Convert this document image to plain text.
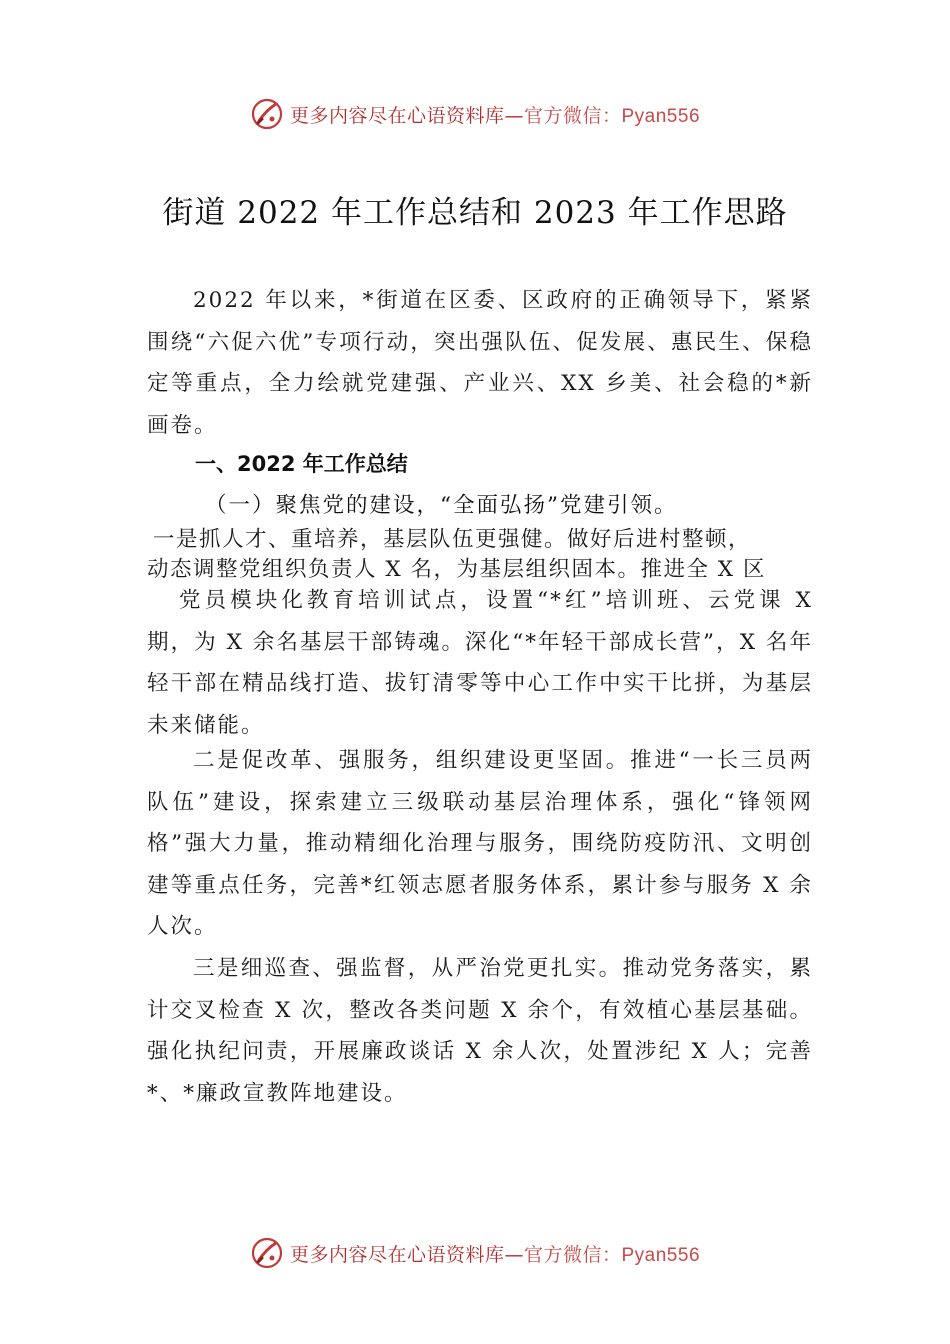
更多内容尽在心语资料库—官方微信：Pyan556
街道 2022 年工作总结和 2023 年工作思路

2022 年以来，*街道在区委、区政府的正确领导下，紧紧围绕“六促六优”专项行动，突出强队伍、促发展、惠民生、保稳定等重点，全力绘就党建强、产业兴、XX 乡美、社会稳的*新画卷。

一、2022 年工作总结
（一）聚焦党的建设，“全面弘扬”党建引领。
一是抓人才、重培养，基层队伍更强健。做好后进村整顿，
动态调整党组织负责人 X 名，为基层组织固本。推进全 X 区

党员模块化教育培训试点，设置“*红”培训班、云党课 X 期，为 X 余名基层干部铸魂。深化“*年轻干部成长营”，X 名年轻干部在精品线打造、拔钉清零等中心工作中实干比拼，为基层未来储能。

二是促改革、强服务，组织建设更坚固。推进“一长三员两队伍”建设，探索建立三级联动基层治理体系，强化“锋领网格”强大力量，推动精细化治理与服务，围绕防疫防汛、文明创建等重点任务，完善*红领志愿者服务体系，累计参与服务 X 余人次。

三是细巡查、强监督，从严治党更扎实。推动党务落实，累计交叉检查 X 次，整改各类问题 X 余个，有效植心基层基础。强化执纪问责，开展廉政谈话 X 余人次，处置涉纪 X 人；完善*、*廉政宣教阵地建设。

更多内容尽在心语资料库—官方微信：Pyan556
